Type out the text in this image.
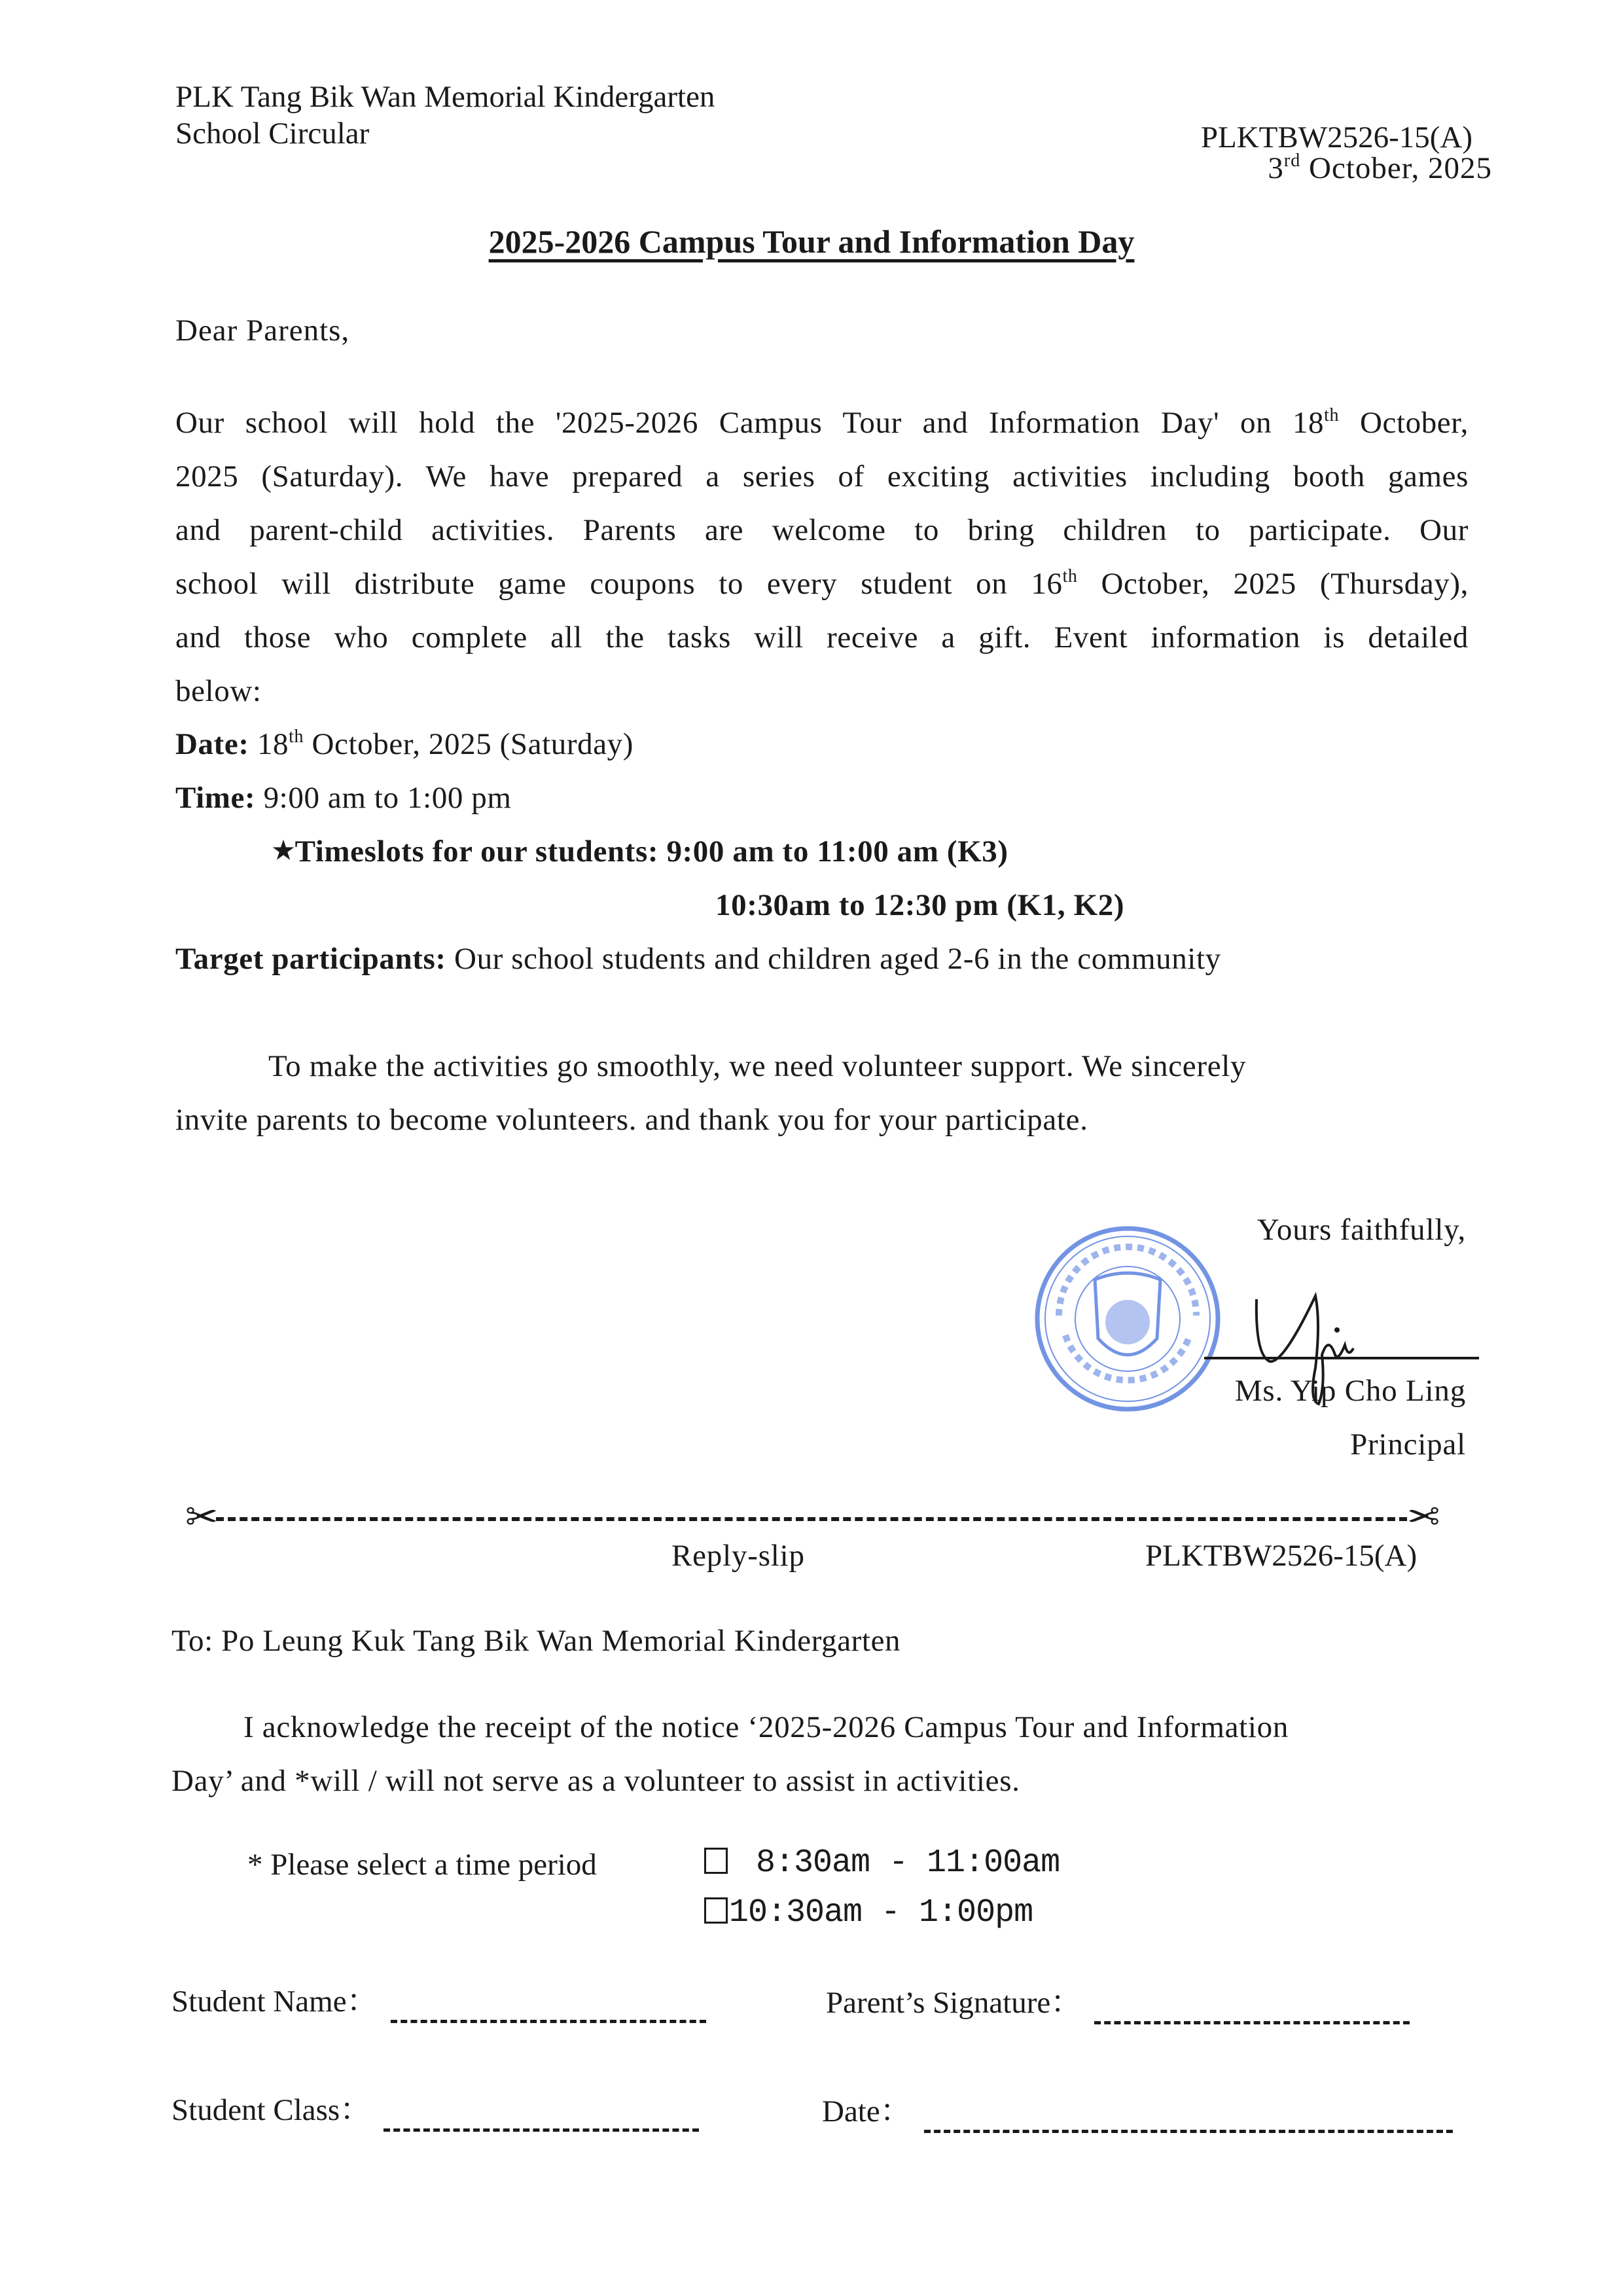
PLK Tang Bik Wan Memorial Kindergarten
School Circular	PLKTBW2526-15(A)
3rd October, 2025
2025-2026 Campus Tour and Information Day
Dear Parents,
Our school will hold the '2025-2026 Campus Tour and Information Day' on 18th October,
2025 (Saturday). We have prepared a series of exciting activities including booth games
and parent-child activities. Parents are welcome to bring children to participate. Our
school will distribute game coupons to every student on 16th October, 2025 (Thursday),
and those who complete all the tasks will receive a gift. Event information is detailed
below:
Date: 18th October, 2025 (Saturday)
Time: 9:00 am to 1:00 pm
★Timeslots for our students: 9:00 am to 11:00 am (K3)
10:30am to 12:30 pm (K1, K2)
Target participants: Our school students and children aged 2-6 in the community
To make the activities go smoothly, we need volunteer support. We sincerely
invite parents to become volunteers. and thank you for your participate.
Yours faithfully,
Ms. Yip Cho Ling
Principal
✂	✂
Reply-slip	PLKTBW2526-15(A)
To: Po Leung Kuk Tang Bik Wan Memorial Kindergarten
I acknowledge the receipt of the notice ‘2025-2026 Campus Tour and Information
Day’ and *will / will not serve as a volunteer to assist in activities.
* Please select a time period	8:30am - 11:00am
10:30am - 1:00pm
Student Name：	Parent’s Signature：
Student Class：	Date：
